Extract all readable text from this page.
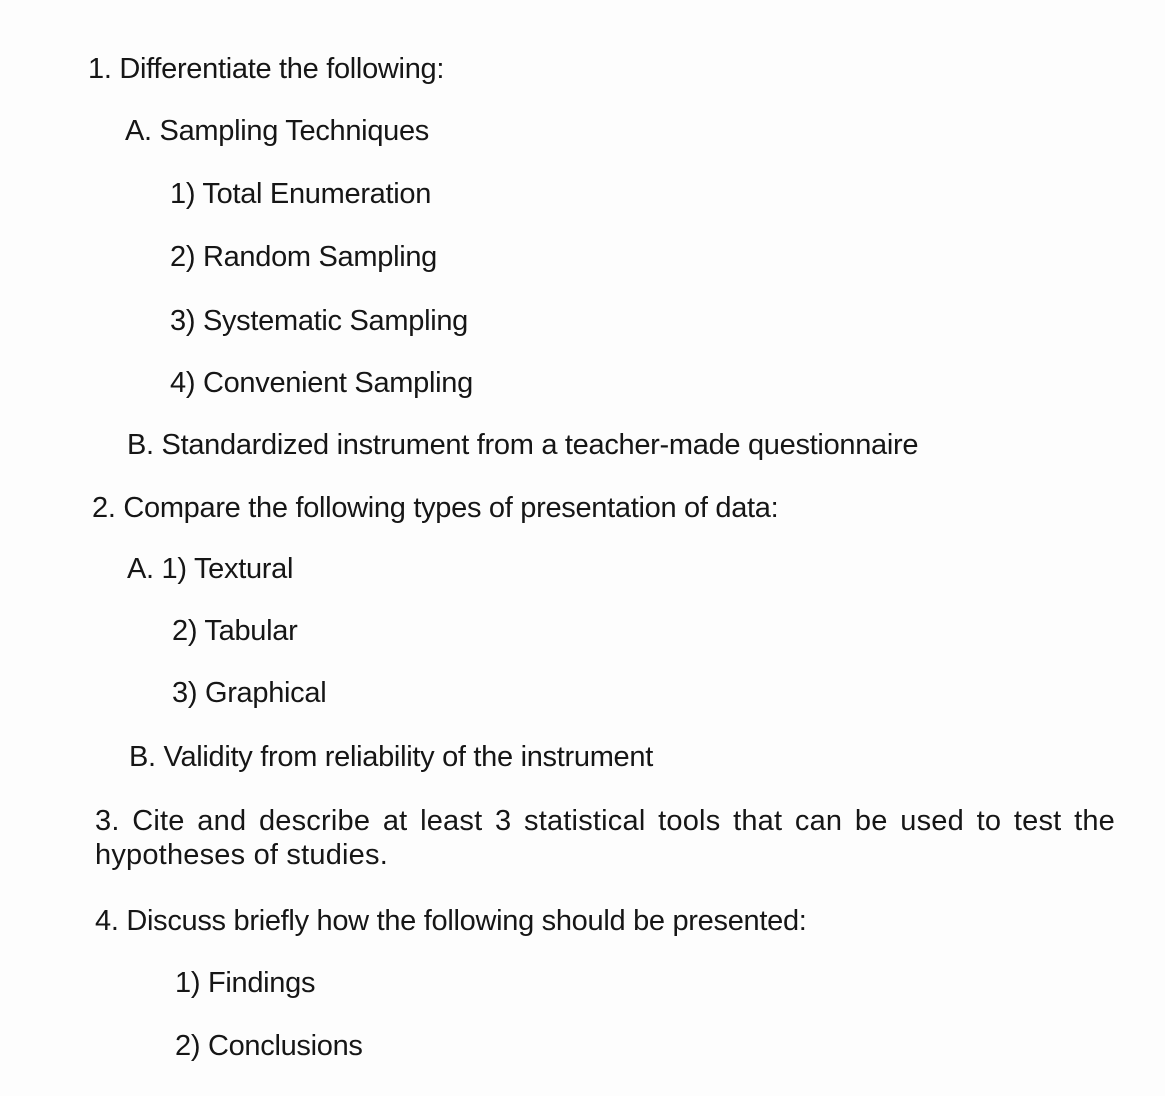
1. Differentiate the following:
A. Sampling Techniques
1) Total Enumeration
2) Random Sampling
3) Systematic Sampling
4) Convenient Sampling
B. Standardized instrument from a teacher-made questionnaire
2. Compare the following types of presentation of data:
A. 1) Textural
2) Tabular
3) Graphical
B. Validity from reliability of the instrument
3. Cite and describe at least 3 statistical tools that can be used to test the hypotheses of studies.
4. Discuss briefly how the following should be presented:
1) Findings
2) Conclusions
